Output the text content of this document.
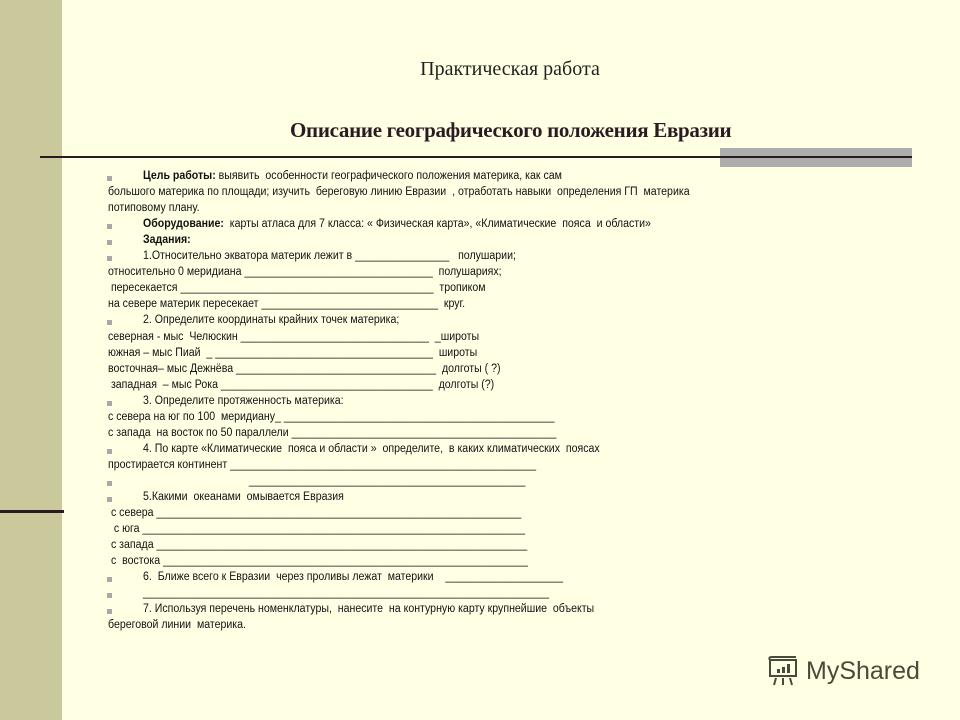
Практическая работа
Описание географического положения Евразии
Цель работы: выявить  особенности географического положения материка, как сам
большого материка по площади; изучить  береговую линию Евразии  , отработать навыки  определения ГП  материка
потиповому плану.
Оборудование:  карты атласа для 7 класса: « Физическая карта», «Климатические  пояса  и области»
Задания:
1.Относительно экватора материк лежит в ________________   полушарии;
относительно 0 меридиана ________________________________  полушариях;
пересекается ___________________________________________  тропиком
на севере материк пересекает ______________________________  круг.
2. Определите координаты крайних точек материка;
северная - мыс  Челюскин ________________________________  _широты
южная – мыс Пиай  _ _____________________________________  широты
восточная– мыс Дежнёва __________________________________  долготы ( ?)
западная  – мыс Рока ____________________________________  долготы (?)
3. Определите протяженность материка:
с севера на юг по 100  меридиану_ ______________________________________________
с запада  на восток по 50 параллели _____________________________________________
4. По карте «Климатические  пояса и области »  определите,  в каких климатических  поясах
простирается континент ____________________________________________________
_______________________________________________
5.Какими  океанами  омывается Евразия
с севера ______________________________________________________________
с юга _________________________________________________________________
с запада _______________________________________________________________
с  востока ______________________________________________________________
6.  Ближе всего к Евразии  через проливы лежат  материки    ____________________
_____________________________________________________________________
7. Используя перечень номенклатуры,  нанесите  на контурную карту крупнейшие  объекты
береговой линии  материка.
MyShared
